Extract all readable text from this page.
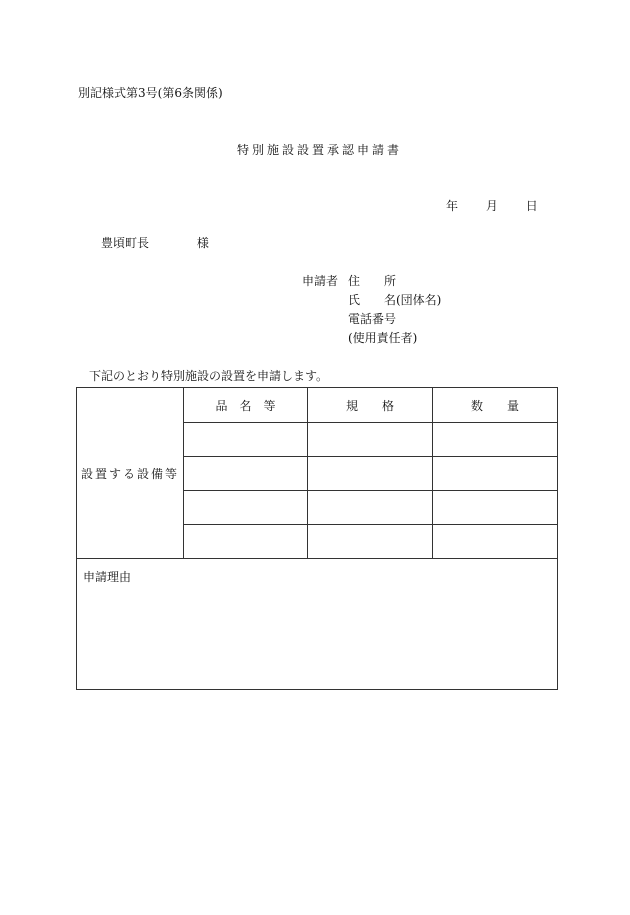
別記様式第3号(第6条関係)
特別施設設置承認申請書
年 月 日
豊頃町長	様
申請者 住　　所
氏　　名(団体名)
電話番号
(使用責任者)
下記のとおり特別施設の設置を申請します。
設置する設備等	品　名　等	規　　格	数　　量

申請理由			
